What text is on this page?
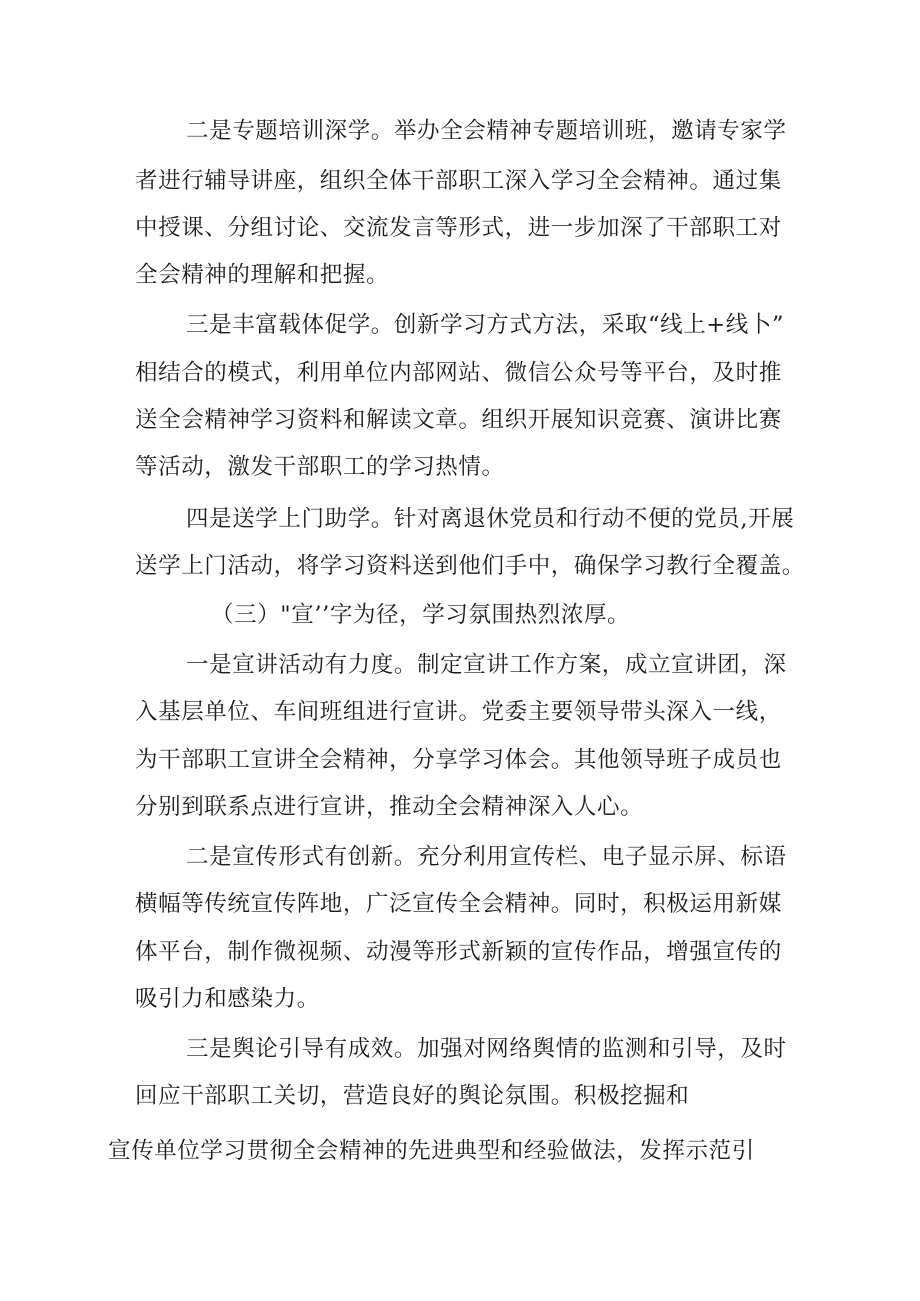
二是专题培训深学。举办全会精神专题培训班，邀请专家学
者进行辅导讲座，组织全体干部职工深入学习全会精神。通过集
中授课、分组讨论、交流发言等形式，进一步加深了干部职工对
全会精神的理解和把握。
三是丰富载体促学。创新学习方式方法，采取“线上+线卜”
相结合的模式，利用单位内部网站、微信公众号等平台，及时推
送全会精神学习资料和解读文章。组织开展知识竞赛、演讲比赛
等活动，激发干部职工的学习热情。
四是送学上门助学。针对离退休党员和行动不便的党员,开展
送学上门活动，将学习资料送到他们手中，确保学习教行全覆盖。
（三）"宣’’字为径，学习氛围热烈浓厚。
一是宣讲活动有力度。制定宣讲工作方案，成立宣讲团，深
入基层单位、车间班组进行宣讲。党委主要领导带头深入一线，
为干部职工宣讲全会精神，分享学习体会。其他领导班子成员也
分别到联系点进行宣讲，推动全会精神深入人心。
二是宣传形式有创新。充分利用宣传栏、电子显示屏、标语
横幅等传统宣传阵地，广泛宣传全会精神。同时，积极运用新媒
体平台，制作微视频、动漫等形式新颖的宣传作品，增强宣传的
吸引力和感染力。
三是舆论引导有成效。加强对网络舆情的监测和引导，及时
回应干部职工关切，营造良好的舆论氛围。积极挖掘和
宣传单位学习贯彻全会精神的先进典型和经验做法，发挥示范引
